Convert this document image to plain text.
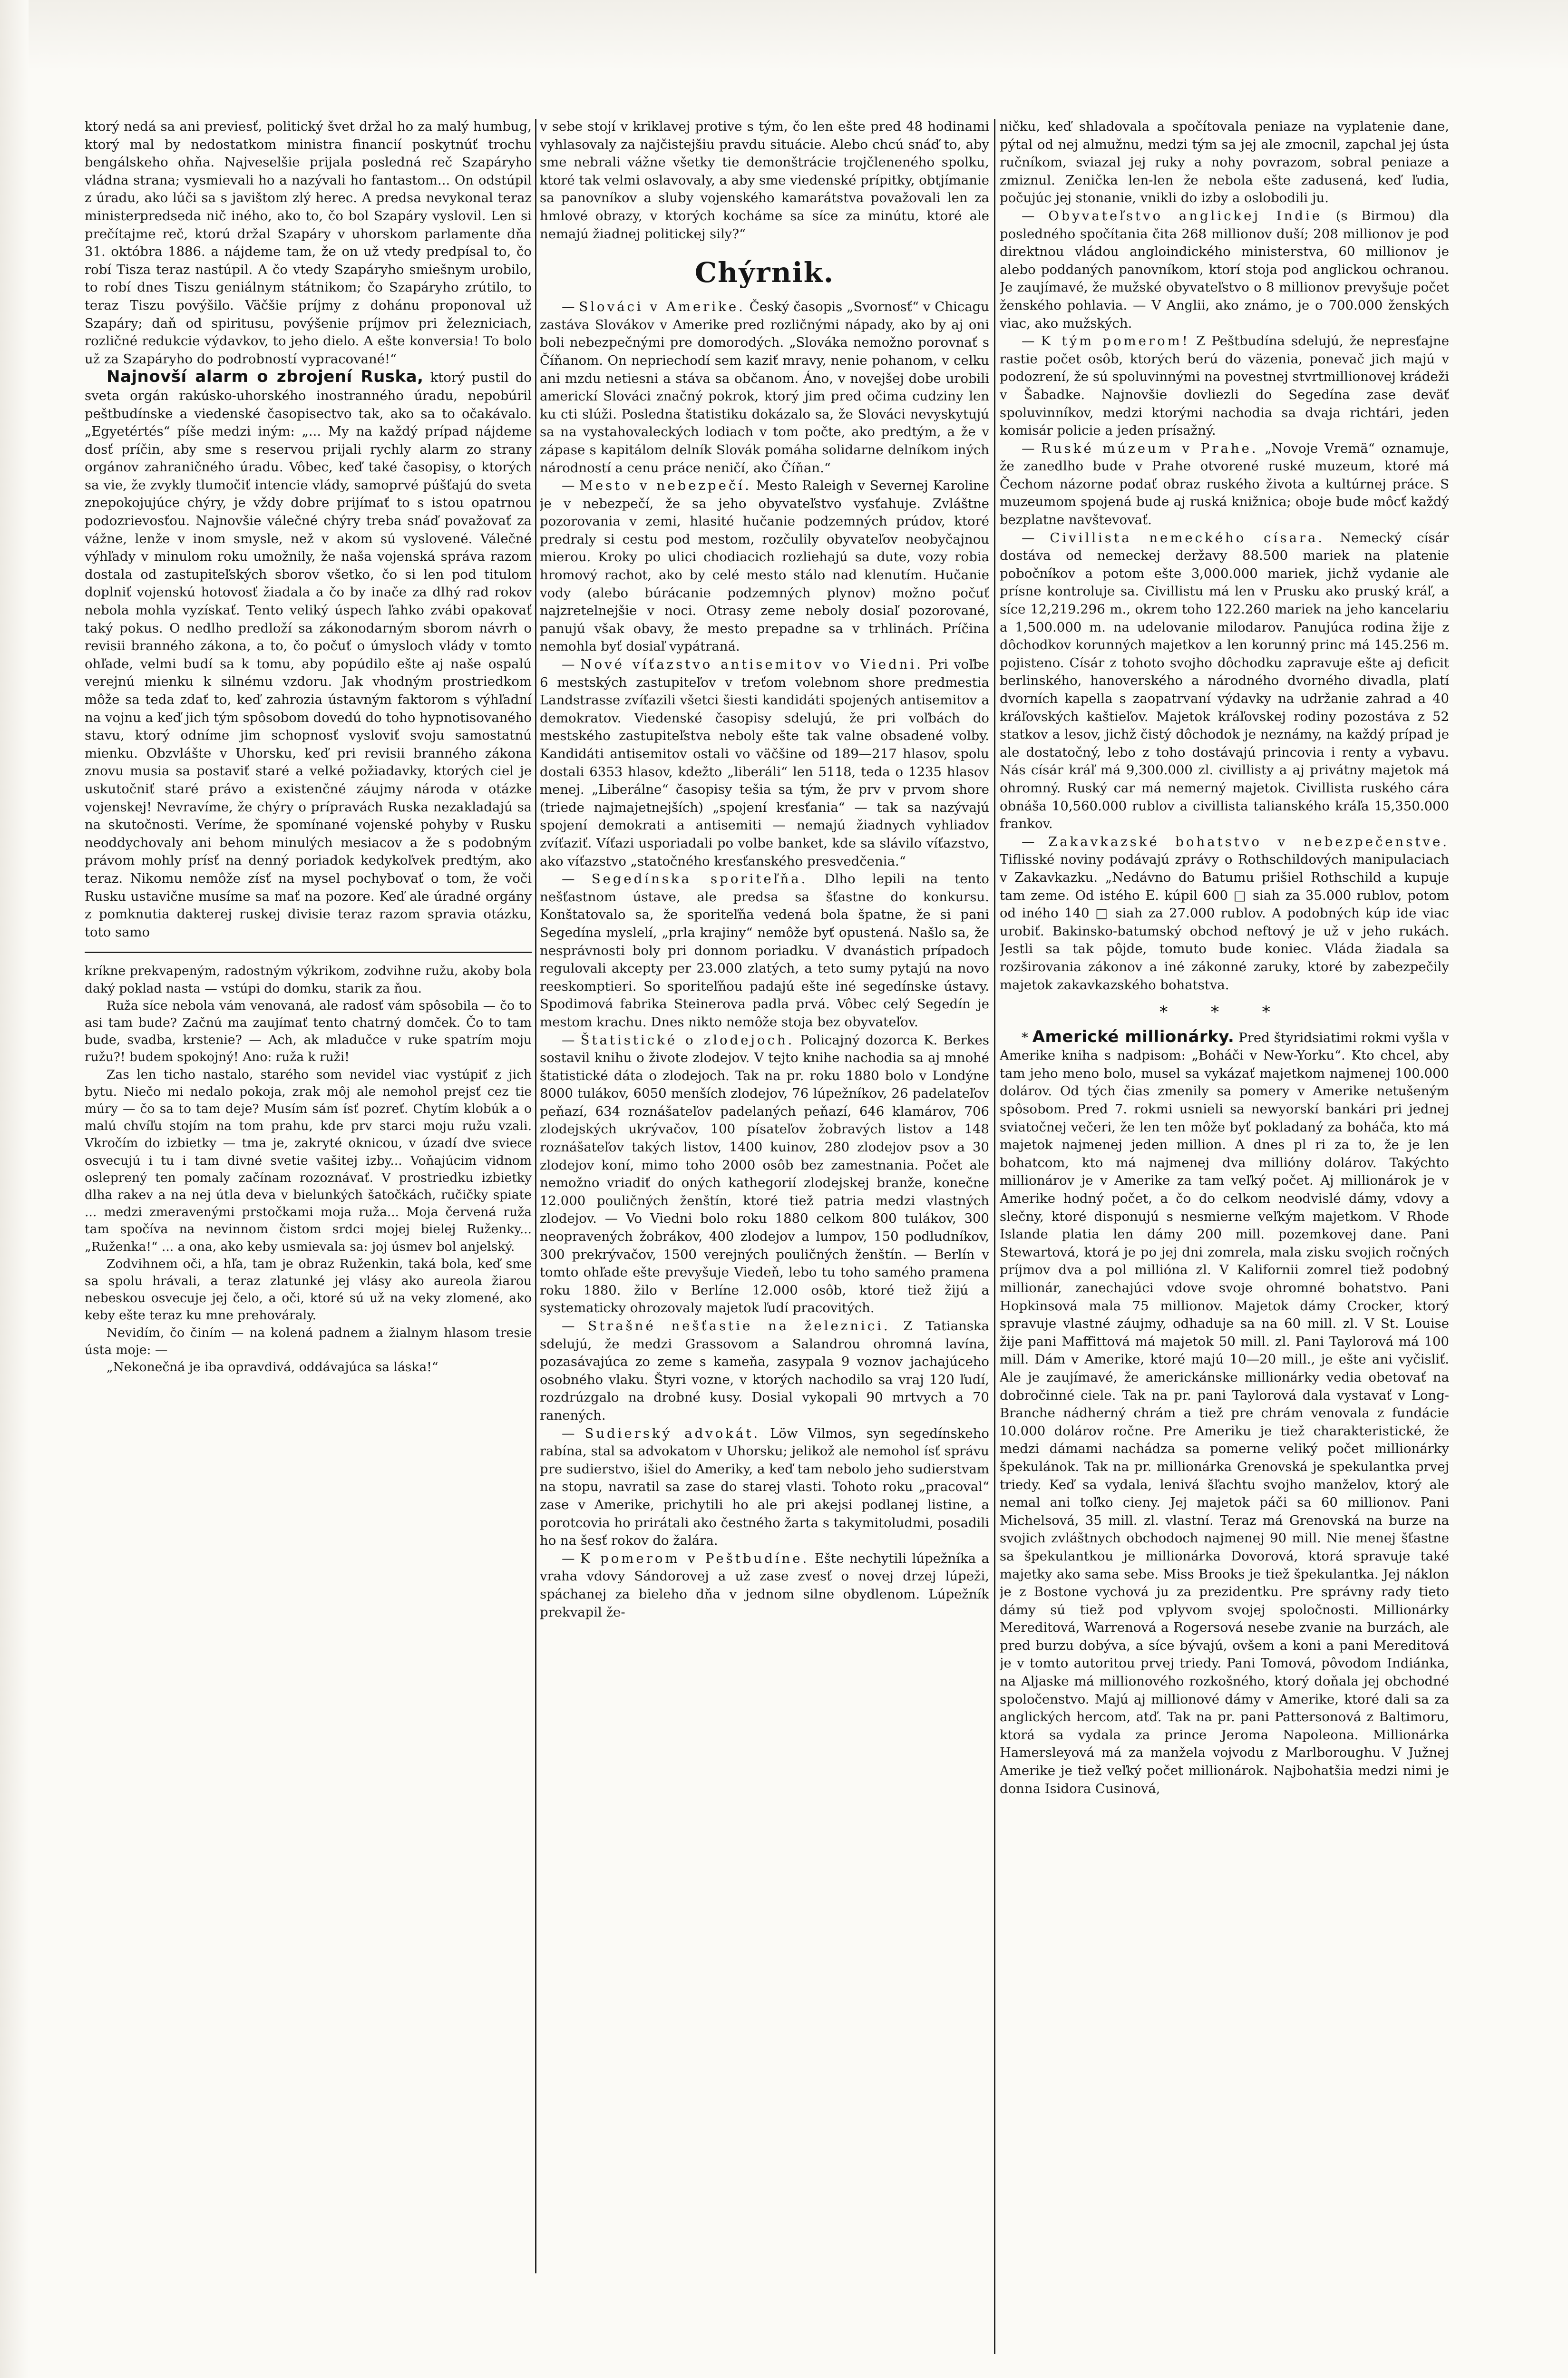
ktorý nedá sa ani previesť, politický švet držal ho za malý humbug, ktorý mal by nedostatkom ministra financií poskytnúť trochu bengálskeho ohňa. Najveselšie prijala posledná reč Szapáryho vládna strana; vysmievali ho a nazývali ho fantastom... On odstúpil z úradu, ako lúči sa s javištom zlý herec. A predsa nevykonal teraz ministerpredseda nič iného, ako to, čo bol Szapáry vyslovil. Len si prečítajme reč, ktorú držal Szapáry v uhorskom parlamente dňa 31. októbra 1886. a nájdeme tam, že on už vtedy predpísal to, čo robí Tisza teraz nastúpil. A čo vtedy Szapáryho smiešnym urobilo, to robí dnes Tiszu geniálnym státnikom; čo Szapáryho zrútilo, to teraz Tiszu povýšilo. Väčšie príjmy z dohánu proponoval už Szapáry; daň od spiritusu, povýšenie príjmov pri železniciach, rozličné redukcie výdavkov, to jeho dielo. A ešte konversia! To bolo už za Szapáryho do podrobností vypracované!“

Najnovší alarm o zbrojení Ruska, ktorý pustil do sveta orgán rakúsko-uhorského inostranného úradu, nepobúril peštbudínske a viedenské časopisectvo tak, ako sa to očakávalo. „Egyetértés“ píše medzi iným: „... My na každý prípad nájdeme dosť príčin, aby sme s reservou prijali rychly alarm zo strany orgánov zahraničného úradu. Vôbec, keď také časopisy, o ktorých sa vie, že zvykly tlumočiť intencie vlády, samoprvé púšťajú do sveta znepokojujúce chýry, je vždy dobre prijímať to s istou opatrnou podozrievosťou. Najnovšie válečné chýry treba snáď považovať za vážne, lenže v inom smysle, než v akom sú vyslovené. Válečné výhľady v minulom roku umožnily, že naša vojenská správa razom dostala od zastupiteľských sborov všetko, čo si len pod titulom doplniť vojenskú hotovosť žiadala a čo by inače za dlhý rad rokov nebola mohla vyzískať. Tento veliký úspech ľahko zvábi opakovať taký pokus. O nedlho predloží sa zákonodarným sborom návrh o revisii branného zákona, a to, čo počuť o úmysloch vlády v tomto ohľade, velmi budí sa k tomu, aby popúdilo ešte aj naše ospalú verejnú mienku k silnému vzdoru. Jak vhodným prostriedkom môže sa teda zdať to, keď zahrozia ústavným faktorom s výhľadní na vojnu a keď jich tým spôsobom dovedú do toho hypnotisovaného stavu, ktorý odníme jim schopnosť vysloviť svoju samostatnú mienku. Obzvlášte v Uhorsku, keď pri revisii branného zákona znovu musia sa postaviť staré a velké požiadavky, ktorých ciel je uskutočniť staré právo a existenčné záujmy národa v otázke vojenskej! Nevravíme, že chýry o prípravách Ruska nezakladajú sa na skutočnosti. Veríme, že spomínané vojenské pohyby v Rusku neoddychovaly ani behom minulých mesiacov a že s podobným právom mohly prísť na denný poriadok kedykoľvek predtým, ako teraz. Nikomu nemôže zísť na mysel pochybovať o tom, že voči Rusku ustavične musíme sa mať na pozore. Keď ale úradné orgány z pomknutia dakterej ruskej divisie teraz razom spravia otázku, toto samo

kríkne prekvapeným, radostným výkrikom, zodvihne ružu, akoby bola daký poklad nasta — vstúpi do domku, starik za ňou.

Ruža síce nebola vám venovaná, ale radosť vám spôsobila — čo to asi tam bude? Začnú ma zaujímať tento chatrný domček. Čo to tam bude, svadba, krstenie? — Ach, ak mladučce v ruke spatrím moju ružu?! budem spokojný! Ano: ruža k ruži!

Zas len ticho nastalo, starého som nevidel viac vystúpiť z jich bytu. Niečo mi nedalo pokoja, zrak môj ale nemohol prejsť cez tie múry — čo sa to tam deje? Musím sám ísť pozreť. Chytím klobúk a o malú chvíľu stojím na tom prahu, kde prv starci moju ružu vzali. Vkročím do izbietky — tma je, zakryté oknicou, v úzadí dve sviece osvecujú i tu i tam divné svetie vašitej izby... Voňajúcim vidnom osleprený ten pomaly začínam rozoznávať. V prostriedku izbietky dlha rakev a na nej útla deva v bielunkých šatočkách, ručičky spiate ... medzi zmeravenými prstočkami moja ruža... Moja červená ruža tam spočíva na nevinnom čistom srdci mojej bielej Ruženky... „Ruženka!“ ... a ona, ako keby usmievala sa: joj úsmev bol anjelský.

Zodvihnem oči, a hľa, tam je obraz Ruženkin, taká bola, keď sme sa spolu hrávali, a teraz zlatunké jej vlásy ako aureola žiarou nebeskou osvecuje jej čelo, a oči, ktoré sú už na veky zlomené, ako keby ešte teraz ku mne prehováraly.

Nevidím, čo činím — na kolená padnem a žialnym hlasom tresie ústa moje: —

„Nekonečná je iba opravdivá, oddávajúca sa láska!“

v sebe stojí v kriklavej protive s tým, čo len ešte pred 48 hodinami vyhlasovaly za najčistejšiu pravdu situácie. Alebo chcú snáď to, aby sme nebrali vážne všetky tie demonštrácie trojčleneného spolku, ktoré tak velmi oslavovaly, a aby sme viedenské prípitky, obtjímanie sa panovníkov a sluby vojenského kamarátstva považovali len za hmlové obrazy, v ktorých kocháme sa síce za minútu, ktoré ale nemajú žiadnej politickej sily?“

Chýrnik.

— Slováci v Amerike. Český časopis „Svornosť“ v Chicagu zastáva Slovákov v Amerike pred rozličnými nápady, ako by aj oni boli nebezpečnými pre domorodých. „Slováka nemožno porovnať s Číňanom. On nepriechodí sem kaziť mravy, nenie pohanom, v celku ani mzdu netiesni a stáva sa občanom. Áno, v novejšej dobe urobili americkí Slováci značný pokrok, ktorý jim pred očima cudziny len ku cti slúži. Posledna štatistiku dokázalo sa, že Slováci nevyskytujú sa na vystahovaleckých lodiach v tom počte, ako predtým, a že v zápase s kapitálom delník Slovák pomáha solidarne delníkom iných národností a cenu práce neničí, ako Číňan.“

— Mesto v nebezpečí. Mesto Raleigh v Severnej Karoline je v nebezpečí, že sa jeho obyvateľstvo vysťahuje. Zvláštne pozorovania v zemi, hlasité hučanie podzemných prúdov, ktoré predraly si cestu pod mestom, rozčulily obyvateľov neobyčajnou mierou. Kroky po ulici chodiacich rozliehajú sa dute, vozy robia hromový rachot, ako by celé mesto stálo nad klenutím. Hučanie vody (alebo búrácanie podzemných plynov) možno počuť najzretelnejšie v noci. Otrasy zeme neboly dosiaľ pozorované, panujú však obavy, že mesto prepadne sa v trhlinách. Príčina nemohla byť dosiaľ vypátraná.

— Nové víťazstvo antisemitov vo Viedni. Pri voľbe 6 mestských zastupiteľov v treťom volebnom shore predmestia Landstrasse zvíťazili všetci šiesti kandidáti spojených antisemitov a demokratov. Viedenské časopisy sdelujú, že pri voľbách do mestského zastupiteľstva neboly ešte tak valne obsadené volby. Kandidáti antisemitov ostali vo väčšine od 189—217 hlasov, spolu dostali 6353 hlasov, kdežto „liberáli“ len 5118, teda o 1235 hlasov menej. „Liberálne“ časopisy tešia sa tým, že prv v prvom shore (triede najmajetnejších) „spojení kresťania“ — tak sa nazývajú spojení demokrati a antisemiti — nemajú žiadnych vyhliadov zvíťaziť. Víťazi usporiadali po volbe banket, kde sa slávilo víťazstvo, ako víťazstvo „statočného kresťanského presvedčenia.“

— Segedínska sporiteľňa. Dlho lepili na tento nešťastnom ústave, ale predsa sa šťastne do konkursu. Konštatovalo sa, že sporiteľňa vedená bola špatne, že si pani Segedína myslelí, „prla krajiny“ nemôže byť opustená. Našlo sa, že nesprávnosti boly pri donnom poriadku. V dvanástich prípadoch regulovali akcepty per 23.000 zlatých, a teto sumy pytajú na novo reeskomptieri. So sporiteľňou padajú ešte iné segedínske ústavy. Spodimová fabrika Steinerova padla prvá. Vôbec celý Segedín je mestom krachu. Dnes nikto nemôže stoja bez obyvateľov.

— Štatistické o zlodejoch. Policajný dozorca K. Berkes sostavil knihu o živote zlodejov. V tejto knihe nachodia sa aj mnohé štatistické dáta o zlodejoch. Tak na pr. roku 1880 bolo v Londýne 8000 tulákov, 6050 menších zlodejov, 76 lúpežníkov, 26 padelateľov peňazí, 634 roznášateľov padelaných peňazí, 646 klamárov, 706 zlodejských ukrývačov, 100 písateľov žobravých listov a 148 roznášateľov takých listov, 1400 kuinov, 280 zlodejov psov a 30 zlodejov koní, mimo toho 2000 osôb bez zamestnania. Počet ale nemožno vriadiť do oných kathegorií zlodejskej branže, konečne 12.000 pouličných ženštín, ktoré tiež patria medzi vlastných zlodejov. — Vo Viedni bolo roku 1880 celkom 800 tulákov, 300 neopravených žobrákov, 400 zlodejov a lumpov, 150 podludníkov, 300 prekrývačov, 1500 verejných pouličných ženštín. — Berlín v tomto ohľade ešte prevyšuje Viedeň, lebo tu toho samého pramena roku 1880. žilo v Berlíne 12.000 osôb, ktoré tiež žijú a systematicky ohrozovaly majetok ľudí pracovitých.

— Strašné nešťastie na železnici. Z Tatianska sdelujú, že medzi Grassovom a Salandrou ohromná lavína, pozasávajúca zo zeme s kameňa, zasypala 9 voznov jachajúceho osobného vlaku. Štyri vozne, v ktorých nachodilo sa vraj 120 ľudí, rozdrúzgalo na drobné kusy. Dosial vykopali 90 mrtvych a 70 ranených.

— Sudierský advokát. Löw Vilmos, syn segedínskeho rabína, stal sa advokatom v Uhorsku; jelikož ale nemohol ísť správu pre sudierstvo, išiel do Ameriky, a keď tam nebolo jeho sudierstvam na stopu, navratil sa zase do starej vlasti. Tohoto roku „pracoval“ zase v Amerike, prichytili ho ale pri akejsi podlanej listine, a porotcovia ho prirátali ako čestného žarta s takymitoludmi, posadili ho na šesť rokov do žalára.

— K pomerom v Peštbudíne. Ešte nechytili lúpežníka a vraha vdovy Sándorovej a už zase zvesť o novej drzej lúpeži, spáchanej za bieleho dňa v jednom silne obydlenom. Lúpežník prekvapil že-

ničku, keď shladovala a spočítovala peniaze na vyplatenie dane, pýtal od nej almužnu, medzi tým sa jej ale zmocnil, zapchal jej ústa ručníkom, sviazal jej ruky a nohy povrazom, sobral peniaze a zmiznul. Zenička len-len že nebola ešte zadusená, keď ľudia, počujúc jej stonanie, vnikli do izby a oslobodili ju.

— Obyvateľstvo anglickej Indie (s Birmou) dla posledného spočítania čita 268 millionov duší; 208 millionov je pod direktnou vládou angloindického ministerstva, 60 millionov je alebo poddaných panovníkom, ktorí stoja pod anglickou ochranou. Je zaujímavé, že mužské obyvateľstvo o 8 millionov prevyšuje počet ženského pohlavia. — V Anglii, ako známo, je o 700.000 ženských viac, ako mužských.

— K tým pomerom! Z Peštbudína sdelujú, že nepresťajne rastie počet osôb, ktorých berú do väzenia, ponevač jich majú v podozrení, že sú spoluvinnými na povestnej stvrtmillionovej krádeži v Šabadke. Najnovšie dovliezli do Segedína zase deväť spoluvinníkov, medzi ktorými nachodia sa dvaja richtári, jeden komisár policie a jeden prísažný.

— Ruské múzeum v Prahe. „Novoje Vremä“ oznamuje, že zanedlho bude v Prahe otvorené ruské muzeum, ktoré má Čechom názorne podať obraz ruského života a kultúrnej práce. S muzeumom spojená bude aj ruská knižnica; oboje bude môcť každý bezplatne navštevovať.

— Civillista nemeckého císara. Nemecký císár dostáva od nemeckej deržavy 88.500 mariek na platenie pobočníkov a potom ešte 3,000.000 mariek, jichž vydanie ale prísne kontroluje sa. Civillistu má len v Prusku ako pruský kráľ, a síce 12,219.296 m., okrem toho 122.260 mariek na jeho kancelariu a 1,500.000 m. na udelovanie milodarov. Panujúca rodina žije z dôchodkov korunných majetkov a len korunný princ má 145.256 m. pojisteno. Císár z tohoto svojho dôchodku zapravuje ešte aj deficit berlinského, hanoverského a národného dvorného divadla, platí dvorních kapella s zaopatrvaní výdavky na udržanie zahrad a 40 kráľovských kaštieľov. Majetok kráľovskej rodiny pozostáva z 52 statkov a lesov, jichž čistý dôchodok je neznámy, na každý prípad je ale dostatočný, lebo z toho dostávajú princovia i renty a vybavu. Nás císár kráľ má 9,300.000 zl. civillisty a aj privátny majetok má ohromný. Ruský car má nemerný majetok. Civillista ruského cára obnáša 10,560.000 rublov a civillista talianského kráľa 15,350.000 frankov.

— Zakavkazské bohatstvo v nebezpečenstve. Tiflisské noviny podávajú zprávy o Rothschildových manipulaciach v Zakavkazku. „Nedávno do Batumu prišiel Rothschild a kupuje tam zeme. Od istého E. kúpil 600 □ siah za 35.000 rublov, potom od iného 140 □ siah za 27.000 rublov. A podobných kúp ide viac urobiť. Bakinsko-batumský obchod neftový je už v jeho rukách. Jestli sa tak pôjde, tomuto bude koniec. Vláda žiadala sa rozširovania zákonov a iné zákonné zaruky, ktoré by zabezpečily majetok zakavkazského bohatstva.

* * *

* Americké millionárky. Pred štyridsiatimi rokmi vyšla v Amerike kniha s nadpisom: „Boháči v New-Yorku“. Kto chcel, aby tam jeho meno bolo, musel sa vykázať majetkom najmenej 100.000 dolárov. Od tých čias zmenily sa pomery v Amerike netušeným spôsobom. Pred 7. rokmi usnieli sa newyorskí bankári pri jednej sviatočnej večeri, že len ten môže byť pokladaný za boháča, kto má majetok najmenej jeden million. A dnes pl ri za to, že je len bohatcom, kto má najmenej dva millióny dolárov. Takýchto millionárov je v Amerike za tam veľký počet. Aj millionárok je v Amerike hodný počet, a čo do celkom neodvislé dámy, vdovy a slečny, ktoré disponujú s nesmierne veľkým majetkom. V Rhode Islande platia len dámy 200 mill. pozemkovej dane. Pani Stewartová, ktorá je po jej dni zomrela, mala zisku svojich ročných príjmov dva a pol millióna zl. V Kalifornii zomrel tiež podobný millionár, zanechajúci vdove svoje ohromné bohatstvo. Pani Hopkinsová mala 75 millionov. Majetok dámy Crocker, ktorý spravuje vlastné záujmy, odhaduje sa na 60 mill. zl. V St. Louise žije pani Maffittová má majetok 50 mill. zl. Pani Taylorová má 100 mill. Dám v Amerike, ktoré majú 10—20 mill., je ešte ani vyčisliť. Ale je zaujímavé, že americkánske millionárky vedia obetovať na dobročinné ciele. Tak na pr. pani Taylorová dala vystavať v Long-Branche nádherný chrám a tiež pre chrám venovala z fundácie 10.000 dolárov ročne. Pre Ameriku je tiež charakteristické, že medzi dámami nachádza sa pomerne veliký počet millionárky špekulánok. Tak na pr. millionárka Grenovská je spekulantka prvej triedy. Keď sa vydala, lenivá šľachtu svojho manželov, ktorý ale nemal ani toľko cieny. Jej majetok páči sa 60 millionov. Pani Michelsová, 35 mill. zl. vlastní. Teraz má Grenovská na burze na svojich zvláštnych obchodoch najmenej 90 mill. Nie menej šťastne sa špekulantkou je millionárka Dovorová, ktorá spravuje také majetky ako sama sebe. Miss Brooks je tiež špekulantka. Jej náklon je z Bostone vychová ju za prezidentku. Pre správny rady tieto dámy sú tiež pod vplyvom svojej spoločnosti. Millionárky Mereditová, Warrenová a Rogersová nesebe zvanie na burzách, ale pred burzu dobýva, a síce bývajú, ovšem a koni a pani Mereditová je v tomto autoritou prvej triedy. Pani Tomová, pôvodom Indiánka, na Aljaske má millionového rozkošného, ktorý doňala jej obchodné spoločenstvo. Majú aj millionové dámy v Amerike, ktoré dali sa za anglických hercom, atď. Tak na pr. pani Pattersonová z Baltimoru, ktorá sa vydala za prince Jeroma Napoleona. Millionárka Hamersleyová má za manžela vojvodu z Marlboroughu. V Južnej Amerike je tiež veľký počet millionárok. Najbohatšia medzi nimi je donna Isidora Cusinová,
